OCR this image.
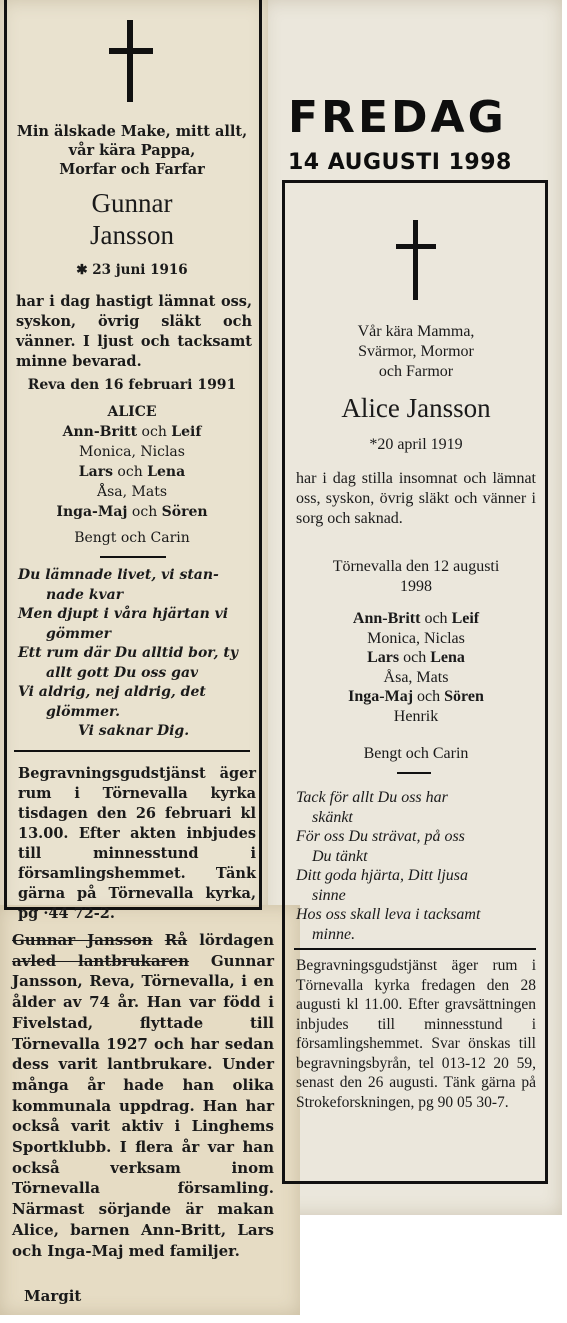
Min älskade Make, mitt allt,
vår kära Pappa,
Morfar och Farfar
Gunnar
Jansson
✱ 23 juni 1916
har i dag hastigt lämnat oss, syskon, övrig släkt och vänner. I ljust och tacksamt minne bevarad.
Reva den 16 februari 1991
ALICE
Ann-Britt och Leif
Monica, Niclas
Lars och Lena
Åsa, Mats
Inga-Maj och Sören
Bengt och Carin
Du lämnade livet, vi stan-
nade kvar
Men djupt i våra hjärtan vi
gömmer
Ett rum där Du alltid bor, ty
allt gott Du oss gav
Vi aldrig, nej aldrig, det
glömmer.
Vi saknar Dig.
Begravningsgudstjänst äger rum i Törnevalla kyrka tisdagen den 26 februari kl 13.00. Efter akten inbjudes till minnesstund i församlingshemmet. Tänk gärna på Törnevalla kyrka, pg ·44 72-2.
FREDAG
14 AUGUSTI 1998
Vår kära Mamma,
Svärmor, Mormor
och Farmor
Alice Jansson
*20 april 1919
har i dag stilla insomnat och lämnat oss, syskon, övrig släkt och vänner i sorg och saknad.
Törnevalla den 12 augusti
1998
Ann-Britt och Leif
Monica, Niclas
Lars och Lena
Åsa, Mats
Inga-Maj och Sören
Henrik
Bengt och Carin
Tack för allt Du oss har
skänkt
För oss Du strävat, på oss
Du tänkt
Ditt goda hjärta, Ditt ljusa
sinne
Hos oss skall leva i tacksamt
minne.
Begravningsgudstjänst äger rum i Törnevalla kyrka fredagen den 28 augusti kl 11.00. Efter gravsättningen inbjudes till minnesstund i församlingshemmet. Svar önskas till begravningsbyrån, tel 013-12 20 59, senast den 26 augusti. Tänk gärna på Strokeforskningen, pg 90 05 30-7.
Gunnar Jansson Rå lördagen avled lantbrukaren Gunnar Jansson, Reva, Törnevalla, i en ålder av 74 år. Han var född i Fivelstad, flyttade till Törnevalla 1927 och har sedan dess varit lantbrukare. Under många år hade han olika kommunala uppdrag. Han har också varit aktiv i Linghems Sportklubb. I flera år var han också verksam inom Törnevalla församling. Närmast sörjande är makan Alice, barnen Ann-Britt, Lars och Inga-Maj med familjer.
Margit
